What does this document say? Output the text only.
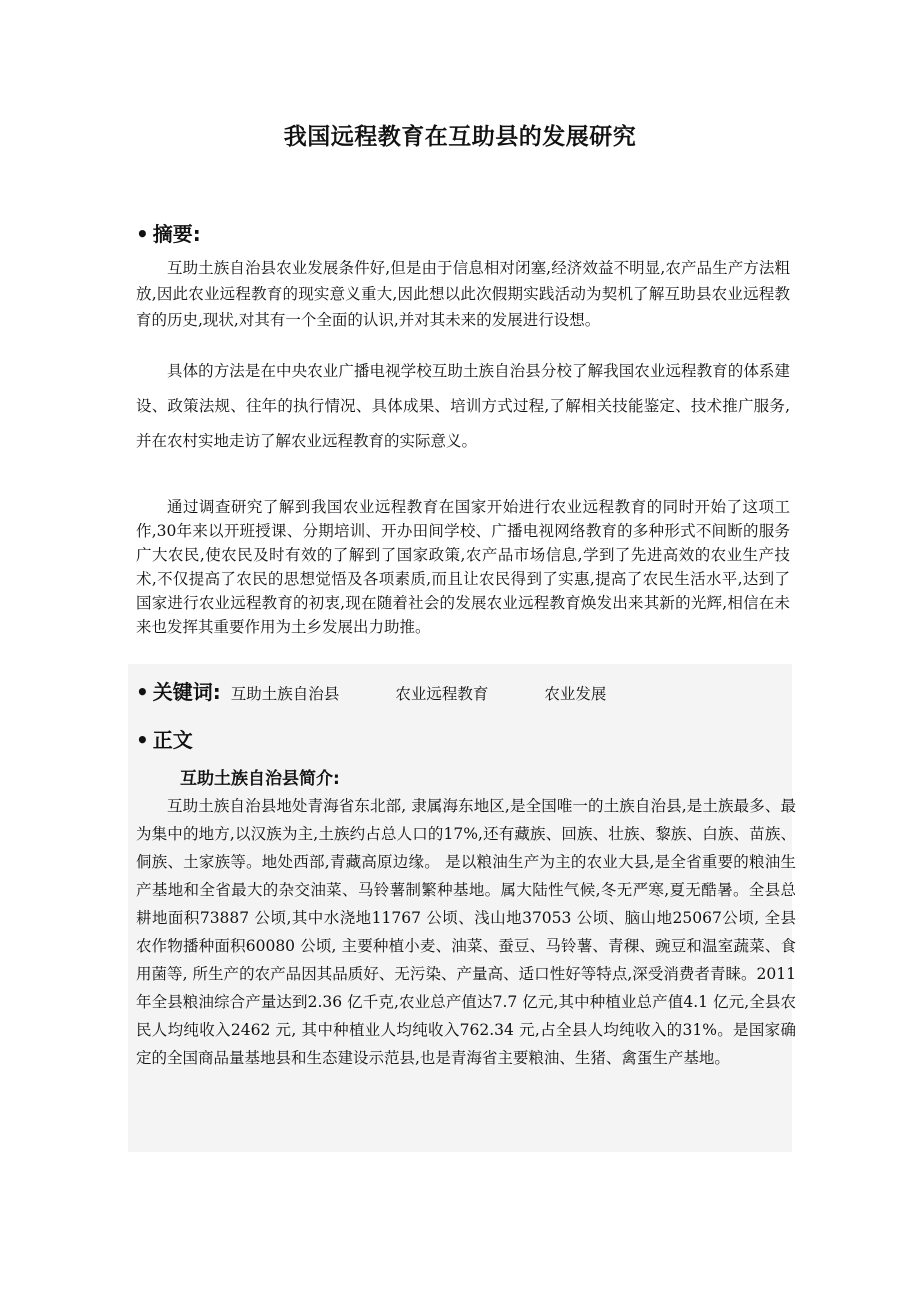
我国远程教育在互助县的发展研究
• 摘要:

互助土族自治县农业发展条件好,但是由于信息相对闭塞,经济效益不明显,农产品生产方法粗放,因此农业远程教育的现实意义重大,因此想以此次假期实践活动为契机了解互助县农业远程教 育的历史,现状,对其有一个全面的认识,并对其未来的发展进行设想。

具体的方法是在中央农业广播电视学校互助土族自治县分校了解我国农业远程教育的体系建设、政策法规、往年的执行情况、具体成果、培训方式过程,了解相关技能鉴定、技术推广服务,并在农村实地走访了解农业远程教育的实际意义。

通过调查研究了解到我国农业远程教育在国家开始进行农业远程教育的同时开始了这项工作,30年来以开班授课、分期培训、开办田间学校、广播电视网络教育的多种形式不间断的服务广大农民,使农民及时有效的了解到了国家政策,农产品市场信息,学到了先进高效的农业生产技术,不仅提高了农民的思想觉悟及各项素质,而且让农民得到了实惠,提高了农民生活水平,达到了国家进行农业远程教育的初衷,现在随着社会的发展农业远程教育焕发出来其新的光辉,相信在未来也发挥其重要作用为土乡发展出力助推。

• 关键词: 互助土族自治县	农业远程教育	农业发展
• 正文
互助土族自治县简介:

互助土族自治县地处青海省东北部, 隶属海东地区,是全国唯一的土族自治县,是土族最多、最为集中的地方,以汉族为主,土族约占总人口的17%,还有藏族、回族、壮族、黎族、白族、苗族、侗族、土家族等。地处西部,青藏高原边缘。 是以粮油生产为主的农业大县,是全省重要的粮油生产基地和全省最大的杂交油菜、马铃薯制繁种基地。属大陆性气候,冬无严寒,夏无酷暑。全县总耕地面积73887 公顷,其中水浇地11767 公顷、浅山地37053 公顷、脑山地25067公顷, 全县农作物播种面积60080 公顷, 主要种植小麦、油菜、蚕豆、马铃薯、青稞、豌豆和温室蔬菜、食用菌等, 所生产的农产品因其品质好、无污染、产量高、适口性好等特点,深受消费者青睐。2011年全县粮油综合产量达到2.36 亿千克,农业总产值达7.7 亿元,其中种植业总产值4.1 亿元,全县农民人均纯收入2462 元, 其中种植业人均纯收入762.34 元,占全县人均纯收入的31%。是国家确定的全国商品量基地县和生态建设示范县,也是青海省主要粮油、生猪、禽蛋生产基地。
